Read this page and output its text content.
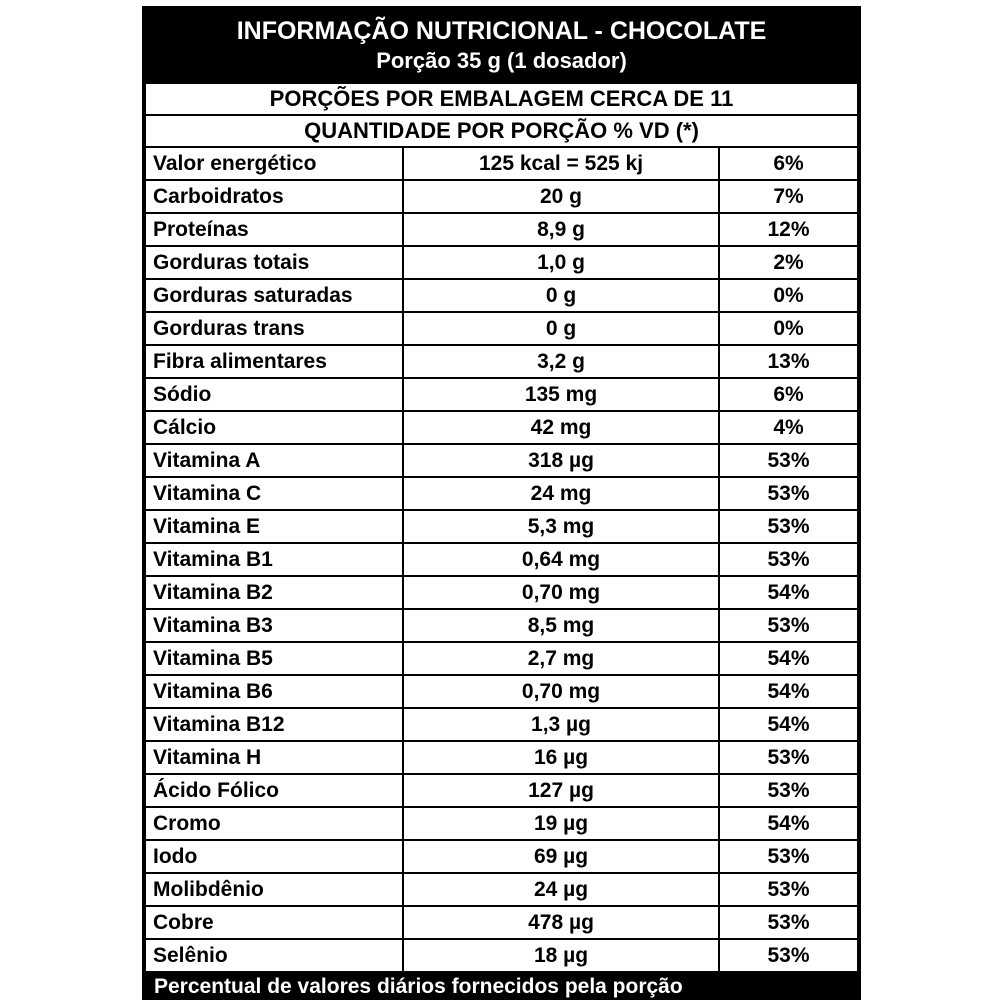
INFORMAÇÃO NUTRICIONAL - CHOCOLATE
Porção 35 g (1 dosador)		

PORÇÕES POR EMBALAGEM CERCA DE 11		
QUANTIDADE POR PORÇÃO % VD (*)		
Valor energético	125 kcal = 525 kj	6%
Carboidratos	20 g	7%
Proteínas	8,9 g	12%
Gorduras totais	1,0 g	2%
Gorduras saturadas	0 g	0%
Gorduras trans	0 g	0%
Fibra alimentares	3,2 g	13%
Sódio	135 mg	6%
Cálcio	42 mg	4%
Vitamina A	318 µg	53%
Vitamina C	24 mg	53%
Vitamina E	5,3 mg	53%
Vitamina B1	0,64 mg	53%
Vitamina B2	0,70 mg	54%
Vitamina B3	8,5 mg	53%
Vitamina B5	2,7 mg	54%
Vitamina B6	0,70 mg	54%
Vitamina B12	1,3 µg	54%
Vitamina H	16 µg	53%
Ácido Fólico	127 µg	53%
Cromo	19 µg	54%
Iodo	69 µg	53%
Molibdênio	24 µg	53%
Cobre	478 µg	53%
Selênio	18 µg	53%
Percentual de valores diários fornecidos pela porção		
